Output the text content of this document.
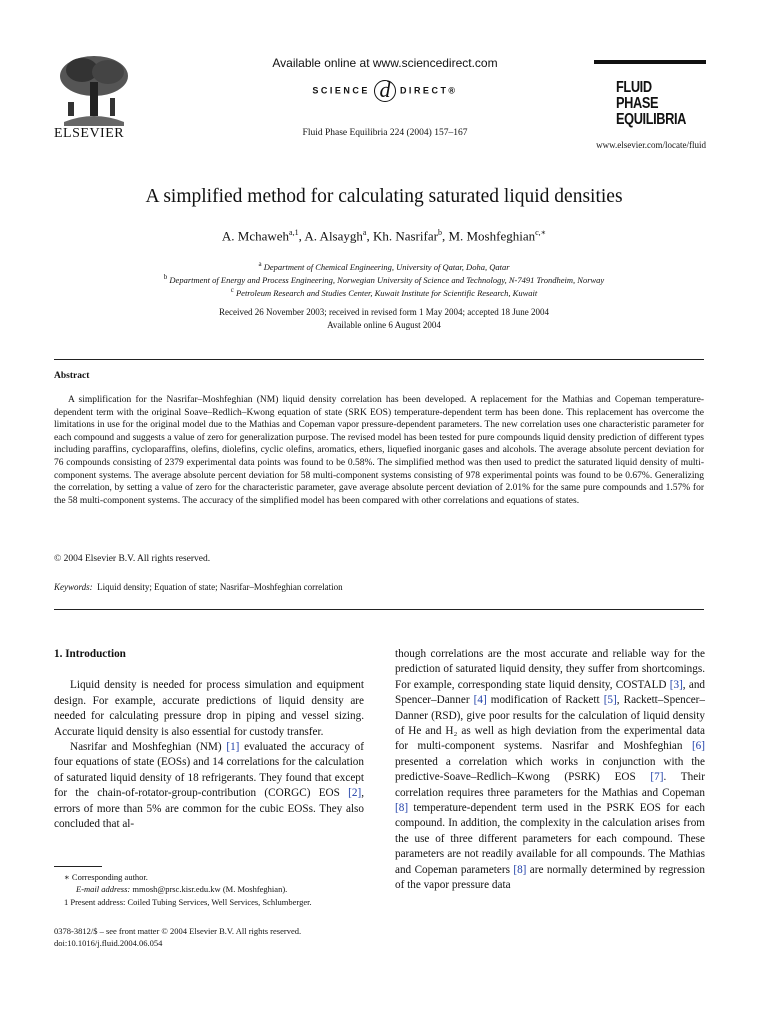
ELSEVIER
Available online at www.sciencedirect.com
SCIENCE d DIRECT®
Fluid Phase Equilibria 224 (2004) 157–167
FLUID PHASE
EQUILIBRIA
www.elsevier.com/locate/fluid
A simplified method for calculating saturated liquid densities
A. Mchaweh$^{a,1}$, A. Alsaygh$^a$, Kh. Nasrifar$^b$, M. Moshfeghian$^{c,∗}$
$^a$ Department of Chemical Engineering, University of Qatar, Doha, Qatar
$^b$ Department of Energy and Process Engineering, Norwegian University of Science and Technology, N-7491 Trondheim, Norway
$^c$ Petroleum Research and Studies Center, Kuwait Institute for Scientific Research, Kuwait
Received 26 November 2003; received in revised form 1 May 2004; accepted 18 June 2004
Available online 6 August 2004
Abstract

A simplification for the Nasrifar–Moshfeghian (NM) liquid density correlation has been developed. A replacement for the Mathias and Copeman temperature-dependent term with the original Soave–Redlich–Kwong equation of state (SRK EOS) temperature-dependent term has been done. This replacement has overcome the limitations in use for the original model due to the Mathias and Copeman vapor pressure-dependent parameters. The new correlation uses one characteristic parameter for each compound and suggests a value of zero for generalization purpose. The revised model has been tested for pure compounds liquid density prediction of different types including paraffins, cycloparaffins, olefins, diolefins, cyclic olefins, aromatics, ethers, liquefied inorganic gases and alcohols. The average absolute percent deviation for 76 compounds consisting of 2379 experimental data points was found to be 0.58%. The simplified method was then used to predict the saturated liquid density of multi-component systems. The average absolute percent deviation for 58 multi-component systems consisting of 978 experimental points was found to be 0.67%. Generalizing the correlation, by setting a value of zero for the characteristic parameter, gave average absolute percent deviation of 2.01% for the same pure compounds and 1.57% for the 58 multi-component systems. The accuracy of the simplified model has been compared with other correlations and equations of states.

© 2004 Elsevier B.V. All rights reserved.
Keywords: Liquid density; Equation of state; Nasrifar–Moshfeghian correlation
1. Introduction

Liquid density is needed for process simulation and equipment design. For example, accurate predictions of liquid density are needed for calculating pressure drop in piping and vessel sizing. Accurate liquid density is also essential for custody transfer.

Nasrifar and Moshfeghian (NM) [1] evaluated the accuracy of four equations of state (EOSs) and 14 correlations for the calculation of saturated liquid density of 18 refrigerants. They found that except for the chain-of-rotator-group-contribution (CORGC) EOS [2], errors of more than 5% are common for the cubic EOSs. They also concluded that al-

∗ Corresponding author.
E-mail address: mmosh@prsc.kisr.edu.kw (M. Moshfeghian).
1 Present address: Coiled Tubing Services, Well Services, Schlumberger.
0378-3812/$ – see front matter © 2004 Elsevier B.V. All rights reserved.
doi:10.1016/j.fluid.2004.06.054

though correlations are the most accurate and reliable way for the prediction of saturated liquid density, they suffer from shortcomings. For example, corresponding state liquid density, COSTALD [3], and Spencer–Danner [4] modification of Rackett [5], Rackett–Spencer–Danner (RSD), give poor results for the calculation of liquid density of He and H₂ as well as high deviation from the experimental data for multi-component systems. Nasrifar and Moshfeghian [6] presented a correlation which works in conjunction with the predictive-Soave–Redlich–Kwong (PSRK) EOS [7]. Their correlation requires three parameters for the Mathias and Copeman [8] temperature-dependent term used in the PSRK EOS for each compound. In addition, the complexity in the calculation arises from the use of three different parameters for each compound. These parameters are not readily available for all compounds. The Mathias and Copeman parameters [8] are normally determined by regression of the vapor pressure data
